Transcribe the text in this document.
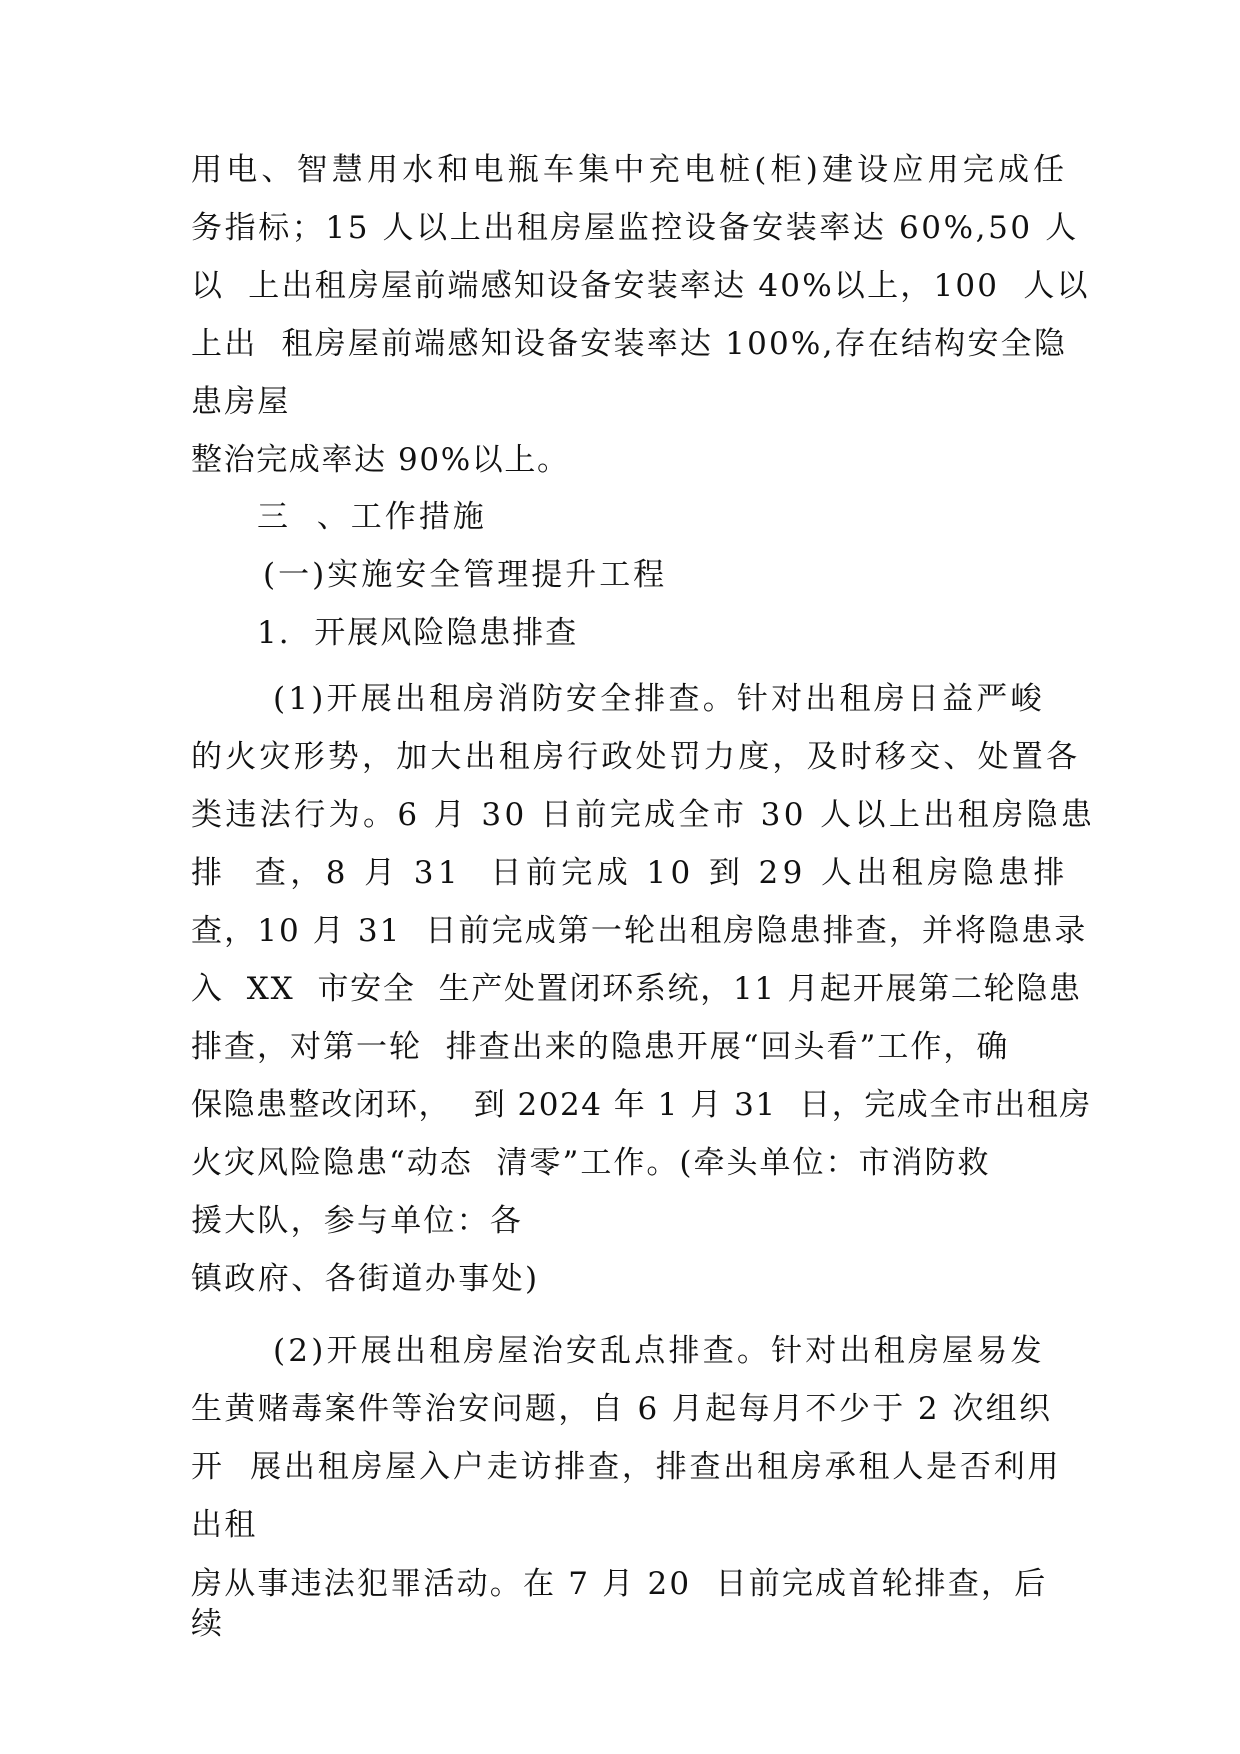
用电、智慧用水和电瓶车集中充电桩(柜)建设应用完成任
务指标；15 人以上出租房屋监控设备安装率达 60%,50 人
以  上出租房屋前端感知设备安装率达 40%以上，100  人以
上出  租房屋前端感知设备安装率达 100%,存在结构安全隐
患房屋
整治完成率达 90%以上。
三  、工作措施
(一)实施安全管理提升工程
1.  开展风险隐患排查
(1)开展出租房消防安全排查。针对出租房日益严峻
的火灾形势，加大出租房行政处罚力度，及时移交、处置各
类违法行为。6 月 30 日前完成全市 30 人以上出租房隐患
排  查，8 月 31  日前完成 10 到 29 人出租房隐患排
查，10 月 31  日前完成第一轮出租房隐患排查，并将隐患录
入  XX  市安全  生产处置闭环系统，11 月起开展第二轮隐患
排查，对第一轮  排查出来的隐患开展“回头看”工作，确
保隐患整改闭环，  到 2024 年 1 月 31  日，完成全市出租房
火灾风险隐患“动态  清零”工作。(牵头单位：市消防救
援大队，参与单位：各
镇政府、各街道办事处)
(2)开展出租房屋治安乱点排查。针对出租房屋易发
生黄赌毒案件等治安问题，自 6 月起每月不少于 2 次组织
开  展出租房屋入户走访排查，排查出租房承租人是否利用
出租
房从事违法犯罪活动。在 7 月 20  日前完成首轮排查，后
续
